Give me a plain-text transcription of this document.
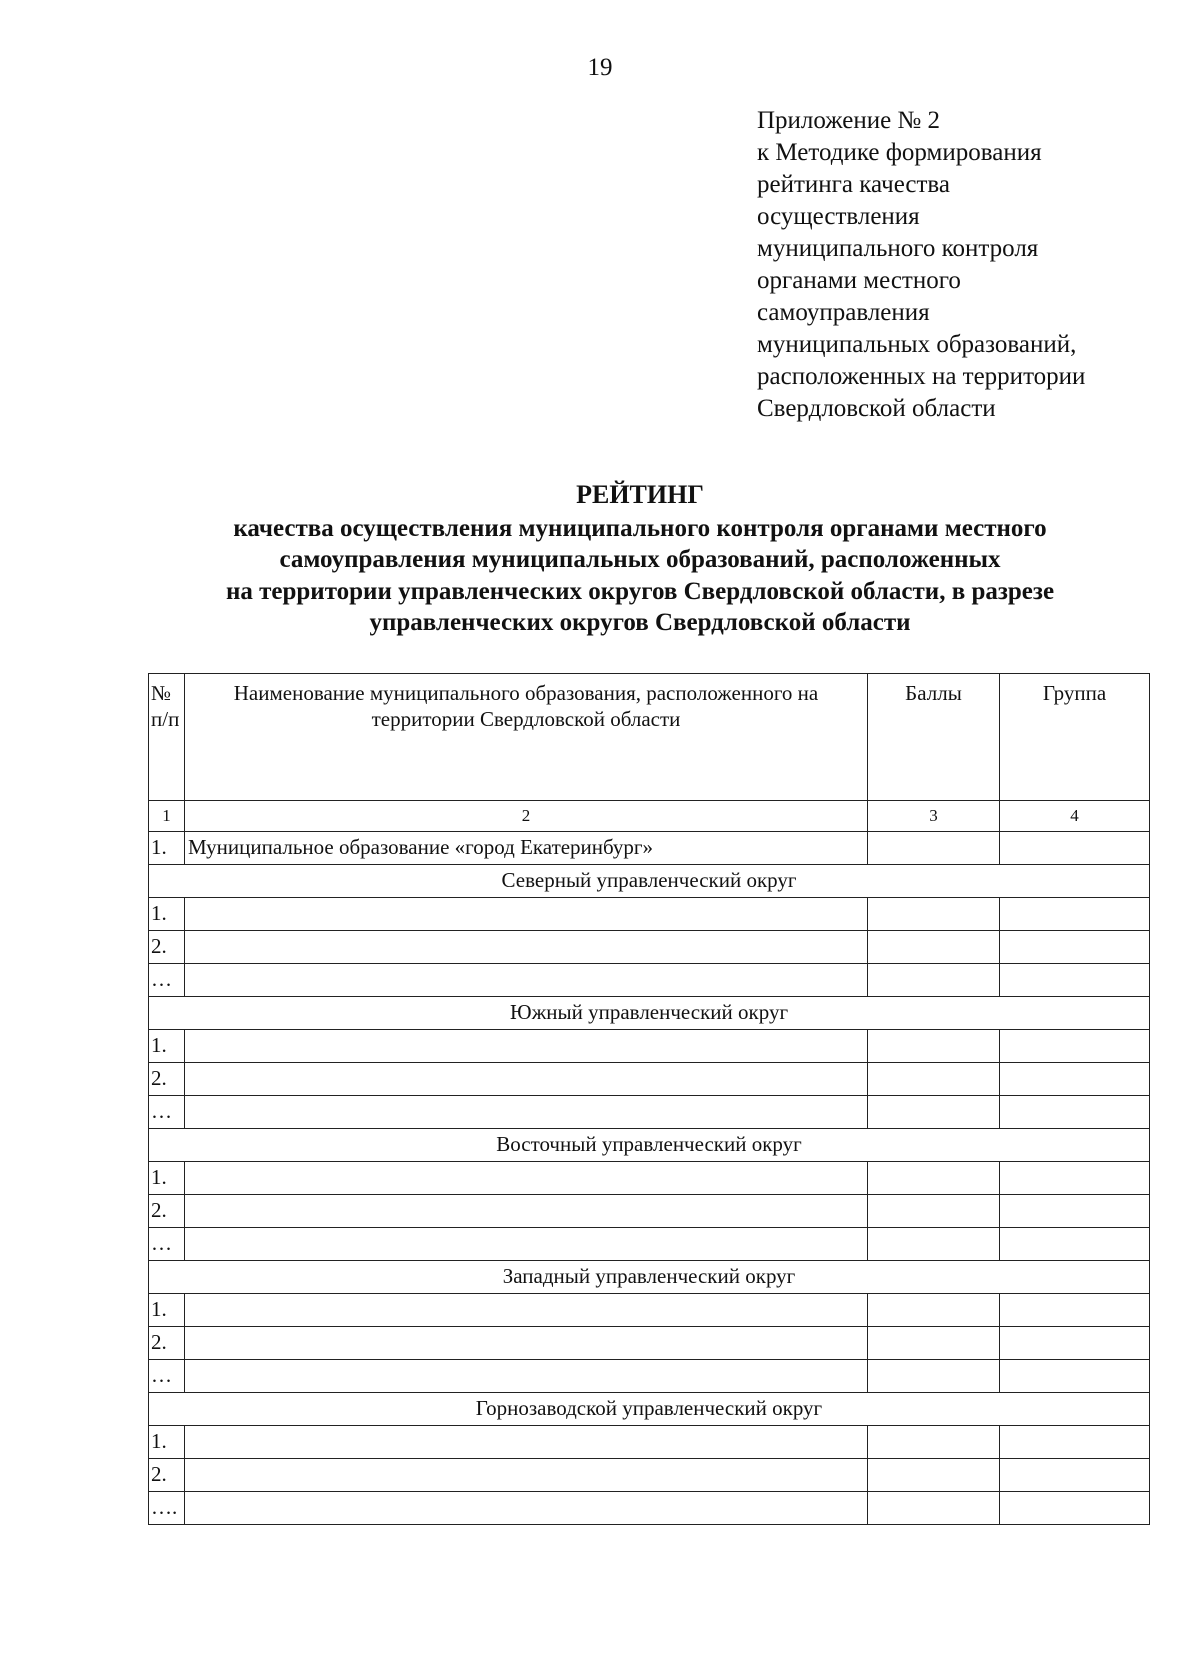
19
Приложение № 2
к Методике формирования
рейтинга качества
осуществления
муниципального контроля
органами местного
самоуправления
муниципальных образований,
расположенных на территории
Свердловской области
РЕЙТИНГ
качества осуществления муниципального контроля органами местного
самоуправления муниципальных образований, расположенных
на территории управленческих округов Свердловской области, в разрезе
управленческих округов Свердловской области
№ п/п	Наименование муниципального образования, расположенного на территории Свердловской области	Баллы	Группа
1	2	3	4
1.	Муниципальное образование «город Екатеринбург»		
Северный управленческий округ			
1.			
2.			
…			
Южный управленческий округ			
1.			
2.			
…			
Восточный управленческий округ			
1.			
2.			
…			
Западный управленческий округ			
1.			
2.			
…			
Горнозаводской управленческий округ			
1.			
2.			
….			
